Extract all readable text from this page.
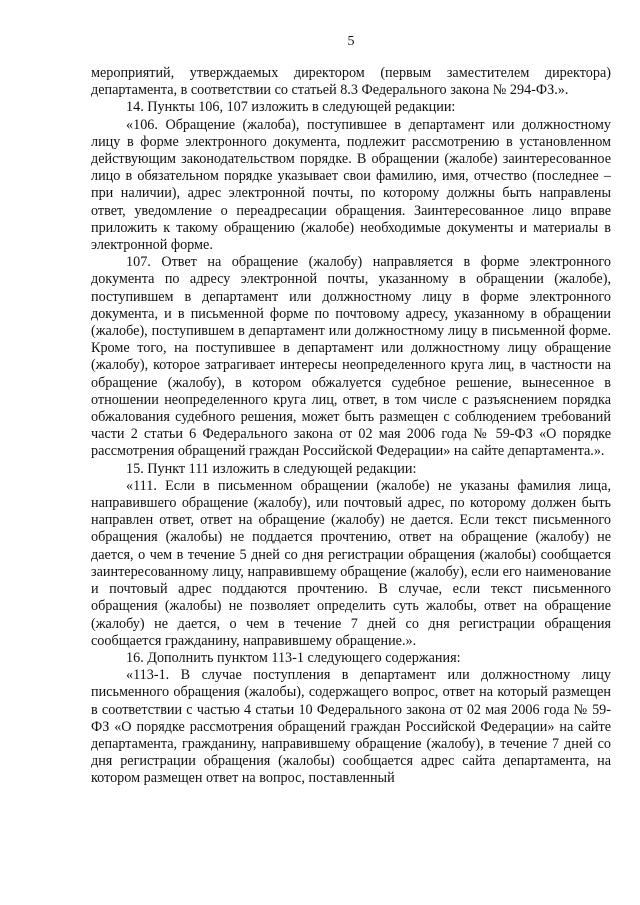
5

мероприятий, утверждаемых директором (первым заместителем директора) департамента, в соответствии со статьей 8.3 Федерального закона № 294-ФЗ.».

14. Пункты 106, 107 изложить в следующей редакции:

«106. Обращение (жалоба), поступившее в департамент или должностному лицу в форме электронного документа, подлежит рассмотрению в установленном действующим законодательством порядке. В обращении (жалобе) заинтересованное лицо в обязательном порядке указывает свои фамилию, имя, отчество (последнее – при наличии), адрес электронной почты, по которому должны быть направлены ответ, уведомление о переадресации обращения. Заинтересованное лицо вправе приложить к такому обращению (жалобе) необходимые документы и материалы в электронной форме.

107. Ответ на обращение (жалобу) направляется в форме электронного документа по адресу электронной почты, указанному в обращении (жалобе), поступившем в департамент или должностному лицу в форме электронного документа, и в письменной форме по почтовому адресу, указанному в обращении (жалобе), поступившем в департамент или должностному лицу в письменной форме. Кроме того, на поступившее в департамент или должностному лицу обращение (жалобу), которое затрагивает интересы неопределенного круга лиц, в частности на обращение (жалобу), в котором обжалуется судебное решение, вынесенное в отношении неопределенного круга лиц, ответ, в том числе с разъяснением порядка обжалования судебного решения, может быть размещен с соблюдением требований части 2 статьи 6 Федерального закона от 02 мая 2006 года № 59-ФЗ «О порядке рассмотрения обращений граждан Российской Федерации» на сайте департамента.».

15. Пункт 111 изложить в следующей редакции:

«111. Если в письменном обращении (жалобе) не указаны фамилия лица, направившего обращение (жалобу), или почтовый адрес, по которому должен быть направлен ответ, ответ на обращение (жалобу) не дается. Если текст письменного обращения (жалобы) не поддается прочтению, ответ на обращение (жалобу) не дается, о чем в течение 5 дней со дня регистрации обращения (жалобы) сообщается заинтересованному лицу, направившему обращение (жалобу), если его наименование и почтовый адрес поддаются прочтению. В случае, если текст письменного обращения (жалобы) не позволяет определить суть жалобы, ответ на обращение (жалобу) не дается, о чем в течение 7 дней со дня регистрации обращения сообщается гражданину, направившему обращение.».

16. Дополнить пунктом 113-1 следующего содержания:

«113-1. В случае поступления в департамент или должностному лицу письменного обращения (жалобы), содержащего вопрос, ответ на который размещен в соответствии с частью 4 статьи 10 Федерального закона от 02 мая 2006 года № 59-ФЗ «О порядке рассмотрения обращений граждан Российской Федерации» на сайте департамента, гражданину, направившему обращение (жалобу), в течение 7 дней со дня регистрации обращения (жалобы) сообщается адрес сайта департамента, на котором размещен ответ на вопрос, поставленный
